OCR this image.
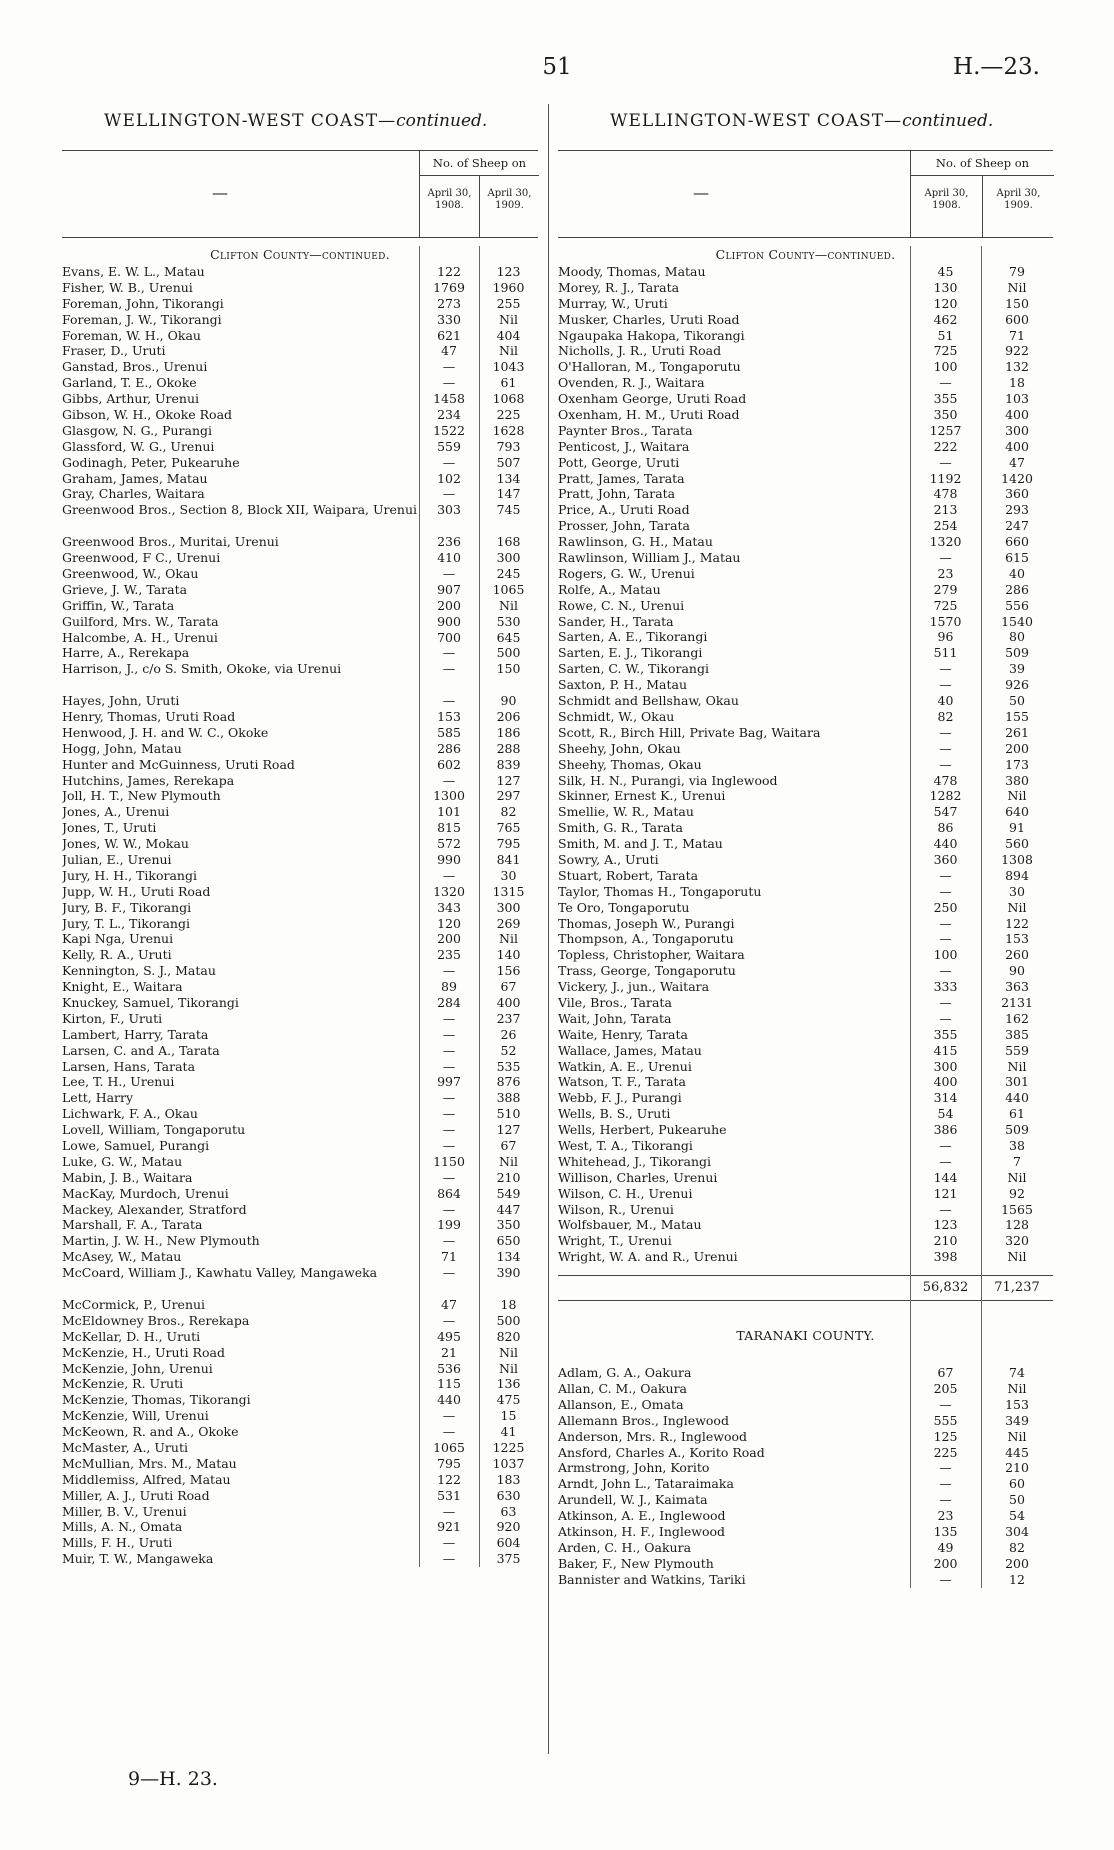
51	H.—23.
WELLINGTON-WEST COAST—continued.	WELLINGTON-WEST COAST—continued.
—
No. of Sheep on
April 30, 1908.
April 30, 1909.
Clifton County—continued.
Evans, E. W. L., Matau	122	123
Fisher, W. B., Urenui	1769	1960
Foreman, John, Tikorangi	273	255
Foreman, J. W., Tikorangi	330	Nil
Foreman, W. H., Okau	621	404
Fraser, D., Uruti	47	Nil
Ganstad, Bros., Urenui	—	1043
Garland, T. E., Okoke	—	61
Gibbs, Arthur, Urenui	1458	1068
Gibson, W. H., Okoke Road	234	225
Glasgow, N. G., Purangi	1522	1628
Glassford, W. G., Urenui	559	793
Godinagh, Peter, Pukearuhe	—	507
Graham, James, Matau	102	134
Gray, Charles, Waitara	—	147
Greenwood Bros., Section 8, Block XII, Waipara, Urenui	303	745
Greenwood Bros., Muritai, Urenui	236	168
Greenwood, F C., Urenui	410	300
Greenwood, W., Okau	—	245
Grieve, J. W., Tarata	907	1065
Griffin, W., Tarata	200	Nil
Guilford, Mrs. W., Tarata	900	530
Halcombe, A. H., Urenui	700	645
Harre, A., Rerekapa	—	500
Harrison, J., c/o S. Smith, Okoke, via Urenui	—	150
Hayes, John, Uruti	—	90
Henry, Thomas, Uruti Road	153	206
Henwood, J. H. and W. C., Okoke	585	186
Hogg, John, Matau	286	288
Hunter and McGuinness, Uruti Road	602	839
Hutchins, James, Rerekapa	—	127
Joll, H. T., New Plymouth	1300	297
Jones, A., Urenui	101	82
Jones, T., Uruti	815	765
Jones, W. W., Mokau	572	795
Julian, E., Urenui	990	841
Jury, H. H., Tikorangi	—	30
Jupp, W. H., Uruti Road	1320	1315
Jury, B. F., Tikorangi	343	300
Jury, T. L., Tikorangi	120	269
Kapi Nga, Urenui	200	Nil
Kelly, R. A., Uruti	235	140
Kennington, S. J., Matau	—	156
Knight, E., Waitara	89	67
Knuckey, Samuel, Tikorangi	284	400
Kirton, F., Uruti	—	237
Lambert, Harry, Tarata	—	26
Larsen, C. and A., Tarata	—	52
Larsen, Hans, Tarata	—	535
Lee, T. H., Urenui	997	876
Lett, Harry	—	388
Lichwark, F. A., Okau	—	510
Lovell, William, Tongaporutu	—	127
Lowe, Samuel, Purangi	—	67
Luke, G. W., Matau	1150	Nil
Mabin, J. B., Waitara	—	210
MacKay, Murdoch, Urenui	864	549
Mackey, Alexander, Stratford	—	447
Marshall, F. A., Tarata	199	350
Martin, J. W. H., New Plymouth	—	650
McAsey, W., Matau	71	134
McCoard, William J., Kawhatu Valley, Mangaweka	—	390
McCormick, P., Urenui	47	18
McEldowney Bros., Rerekapa	—	500
McKellar, D. H., Uruti	495	820
McKenzie, H., Uruti Road	21	Nil
McKenzie, John, Urenui	536	Nil
McKenzie, R. Uruti	115	136
McKenzie, Thomas, Tikorangi	440	475
McKenzie, Will, Urenui	—	15
McKeown, R. and A., Okoke	—	41
McMaster, A., Uruti	1065	1225
McMullian, Mrs. M., Matau	795	1037
Middlemiss, Alfred, Matau	122	183
Miller, A. J., Uruti Road	531	630
Miller, B. V., Urenui	—	63
Mills, A. N., Omata	921	920
Mills, F. H., Uruti	—	604
Muir, T. W., Mangaweka	—	375
—
No. of Sheep on
April 30, 1908.
April 30, 1909.
Clifton County—continued.
Moody, Thomas, Matau	45	79
Morey, R. J., Tarata	130	Nil
Murray, W., Uruti	120	150
Musker, Charles, Uruti Road	462	600
Ngaupaka Hakopa, Tikorangi	51	71
Nicholls, J. R., Uruti Road	725	922
O'Halloran, M., Tongaporutu	100	132
Ovenden, R. J., Waitara	—	18
Oxenham George, Uruti Road	355	103
Oxenham, H. M., Uruti Road	350	400
Paynter Bros., Tarata	1257	300
Penticost, J., Waitara	222	400
Pott, George, Uruti	—	47
Pratt, James, Tarata	1192	1420
Pratt, John, Tarata	478	360
Price, A., Uruti Road	213	293
Prosser, John, Tarata	254	247
Rawlinson, G. H., Matau	1320	660
Rawlinson, William J., Matau	—	615
Rogers, G. W., Urenui	23	40
Rolfe, A., Matau	279	286
Rowe, C. N., Urenui	725	556
Sander, H., Tarata	1570	1540
Sarten, A. E., Tikorangi	96	80
Sarten, E. J., Tikorangi	511	509
Sarten, C. W., Tikorangi	—	39
Saxton, P. H., Matau	—	926
Schmidt and Bellshaw, Okau	40	50
Schmidt, W., Okau	82	155
Scott, R., Birch Hill, Private Bag, Waitara	—	261
Sheehy, John, Okau	—	200
Sheehy, Thomas, Okau	—	173
Silk, H. N., Purangi, via Inglewood	478	380
Skinner, Ernest K., Urenui	1282	Nil
Smellie, W. R., Matau	547	640
Smith, G. R., Tarata	86	91
Smith, M. and J. T., Matau	440	560
Sowry, A., Uruti	360	1308
Stuart, Robert, Tarata	—	894
Taylor, Thomas H., Tongaporutu	—	30
Te Oro, Tongaporutu	250	Nil
Thomas, Joseph W., Purangi	—	122
Thompson, A., Tongaporutu	—	153
Topless, Christopher, Waitara	100	260
Trass, George, Tongaporutu	—	90
Vickery, J., jun., Waitara	333	363
Vile, Bros., Tarata	—	2131
Wait, John, Tarata	—	162
Waite, Henry, Tarata	355	385
Wallace, James, Matau	415	559
Watkin, A. E., Urenui	300	Nil
Watson, T. F., Tarata	400	301
Webb, F. J., Purangi	314	440
Wells, B. S., Uruti	54	61
Wells, Herbert, Pukearuhe	386	509
West, T. A., Tikorangi	—	38
Whitehead, J., Tikorangi	—	7
Willison, Charles, Urenui	144	Nil
Wilson, C. H., Urenui	121	92
Wilson, R., Urenui	—	1565
Wolfsbauer, M., Matau	123	128
Wright, T., Urenui	210	320
Wright, W. A. and R., Urenui	398	Nil
56,832	71,237
TARANAKI COUNTY.
Adlam, G. A., Oakura	67	74
Allan, C. M., Oakura	205	Nil
Allanson, E., Omata	—	153
Allemann Bros., Inglewood	555	349
Anderson, Mrs. R., Inglewood	125	Nil
Ansford, Charles A., Korito Road	225	445
Armstrong, John, Korito	—	210
Arndt, John L., Tataraimaka	—	60
Arundell, W. J., Kaimata	—	50
Atkinson, A. E., Inglewood	23	54
Atkinson, H. F., Inglewood	135	304
Arden, C. H., Oakura	49	82
Baker, F., New Plymouth	200	200
Bannister and Watkins, Tariki	—	12
9—H. 23.
